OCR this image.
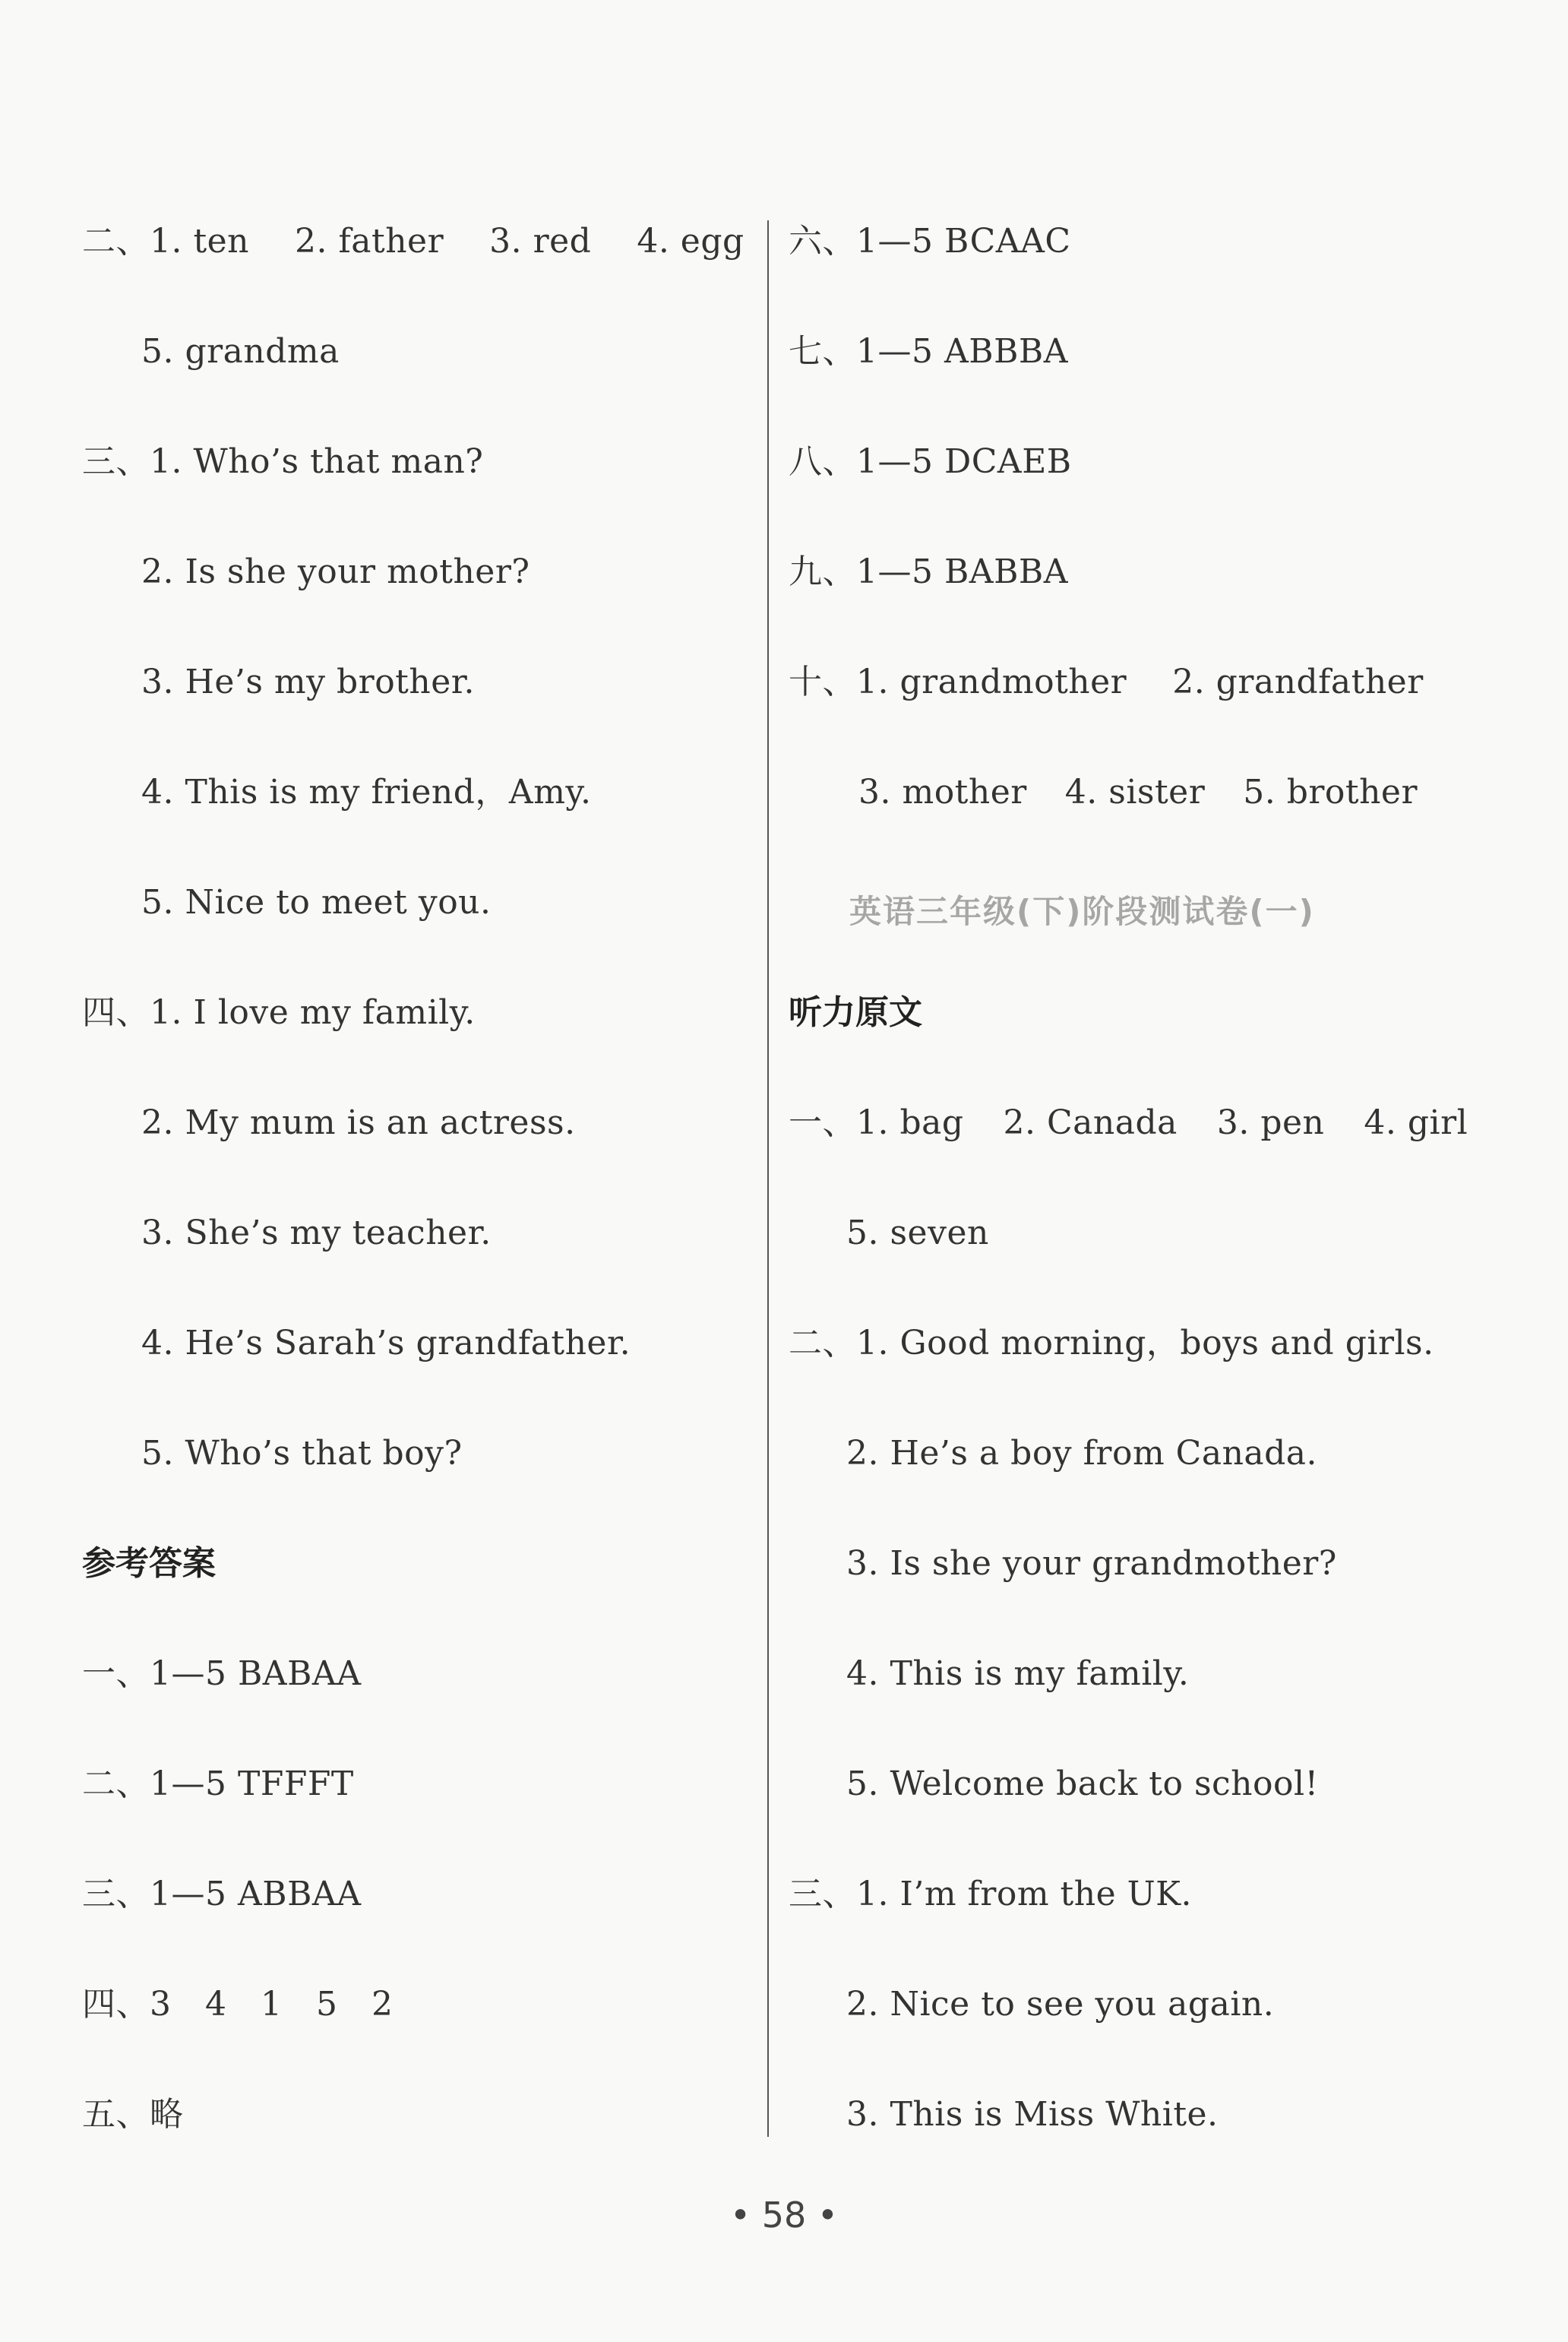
二、1. ten 2. father 3. red 4. egg
5. grandma
三、1. Who’s that man?
2. Is she your mother?
3. He’s my brother.
4. This is my friend，Amy.
5. Nice to meet you.
四、1. I love my family.
2. My mum is an actress.
3. She’s my teacher.
4. He’s Sarah’s grandfather.
5. Who’s that boy?
参考答案
一、1—5 BABAA
二、1—5 TFFFT
三、1—5 ABBAA
四、3　4　1　5　2
五、略
六、1—5 BCAAC
七、1—5 ABBBA
八、1—5 DCAEB
九、1—5 BABBA
十、1. grandmother 2. grandfather
3. mother 4. sister 5. brother
英语三年级(下)阶段测试卷(一)
听力原文
一、1. bag 2. Canada 3. pen 4. girl
5. seven
二、1. Good morning，boys and girls.
2. He’s a boy from Canada.
3. Is she your grandmother?
4. This is my family.
5. Welcome back to school!
三、1. I’m from the UK.
2. Nice to see you again.
3. This is Miss White.
• 58 •
